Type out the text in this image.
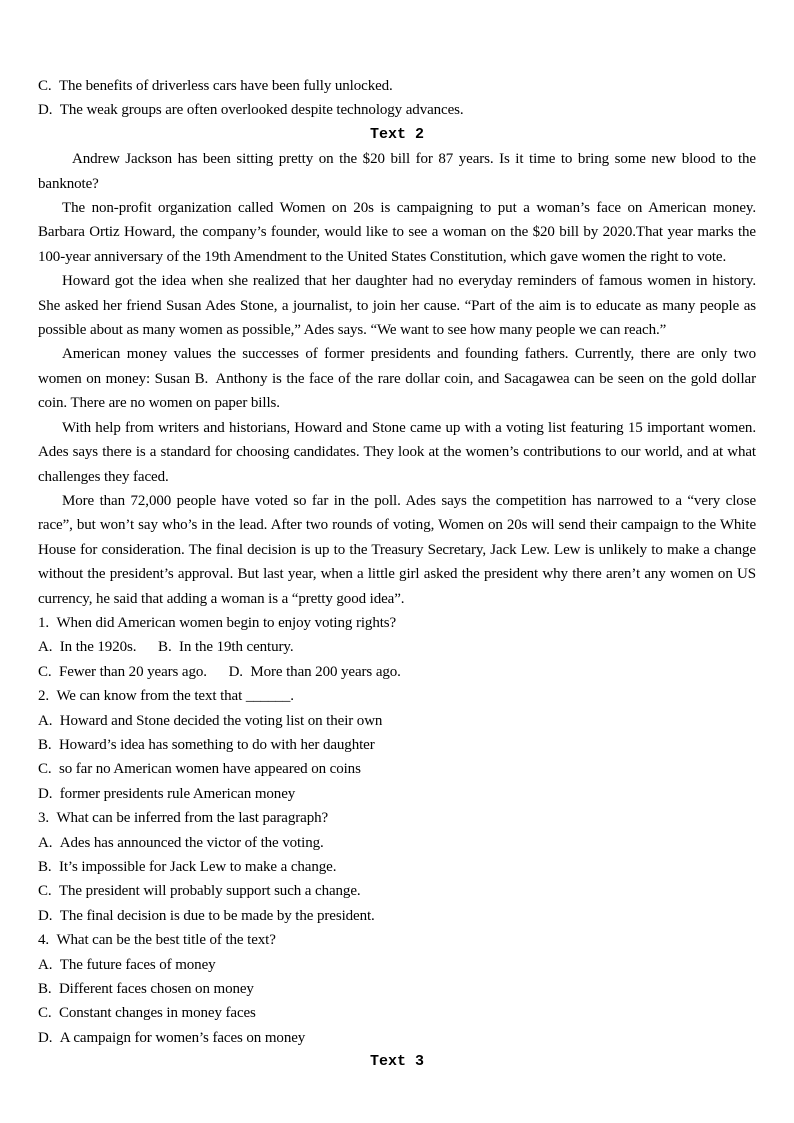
C. The benefits of driverless cars have been fully unlocked.
D. The weak groups are often overlooked despite technology advances.
Text 2

Andrew Jackson has been sitting pretty on the $20 bill for 87 years. Is it time to bring some new blood to the banknote?

The non-profit organization called Women on 20s is campaigning to put a woman’s face on American money. Barbara Ortiz Howard, the company’s founder, would like to see a woman on the $20 bill by 2020.That year marks the 100-year anniversary of the 19th Amendment to the United States Constitution, which gave women the right to vote.

Howard got the idea when she realized that her daughter had no everyday reminders of famous women in history. She asked her friend Susan Ades Stone, a journalist, to join her cause. “Part of the aim is to educate as many people as possible about as many women as possible,” Ades says. “We want to see how many people we can reach.”

American money values the successes of former presidents and founding fathers. Currently, there are only two women on money: Susan B. Anthony is the face of the rare dollar coin, and Sacagawea can be seen on the gold dollar coin. There are no women on paper bills.

With help from writers and historians, Howard and Stone came up with a voting list featuring 15 important women. Ades says there is a standard for choosing candidates. They look at the women’s contributions to our world, and at what challenges they faced.

More than 72,000 people have voted so far in the poll. Ades says the competition has narrowed to a “very close race”, but won’t say who’s in the lead. After two rounds of voting, Women on 20s will send their campaign to the White House for consideration. The final decision is up to the Treasury Secretary, Jack Lew. Lew is unlikely to make a change without the president’s approval. But last year, when a little girl asked the president why there aren’t any women on US currency, he said that adding a woman is a “pretty good idea”.

1. When did American women begin to enjoy voting rights?
A. In the 1920s. B. In the 19th century.
C. Fewer than 20 years ago. D. More than 200 years ago.
2. We can know from the text that ______.
A. Howard and Stone decided the voting list on their own
B. Howard’s idea has something to do with her daughter
C. so far no American women have appeared on coins
D. former presidents rule American money
3. What can be inferred from the last paragraph?
A. Ades has announced the victor of the voting.
B. It’s impossible for Jack Lew to make a change.
C. The president will probably support such a change.
D. The final decision is due to be made by the president.
4. What can be the best title of the text?
A. The future faces of money
B. Different faces chosen on money
C. Constant changes in money faces
D. A campaign for women’s faces on money
Text 3
